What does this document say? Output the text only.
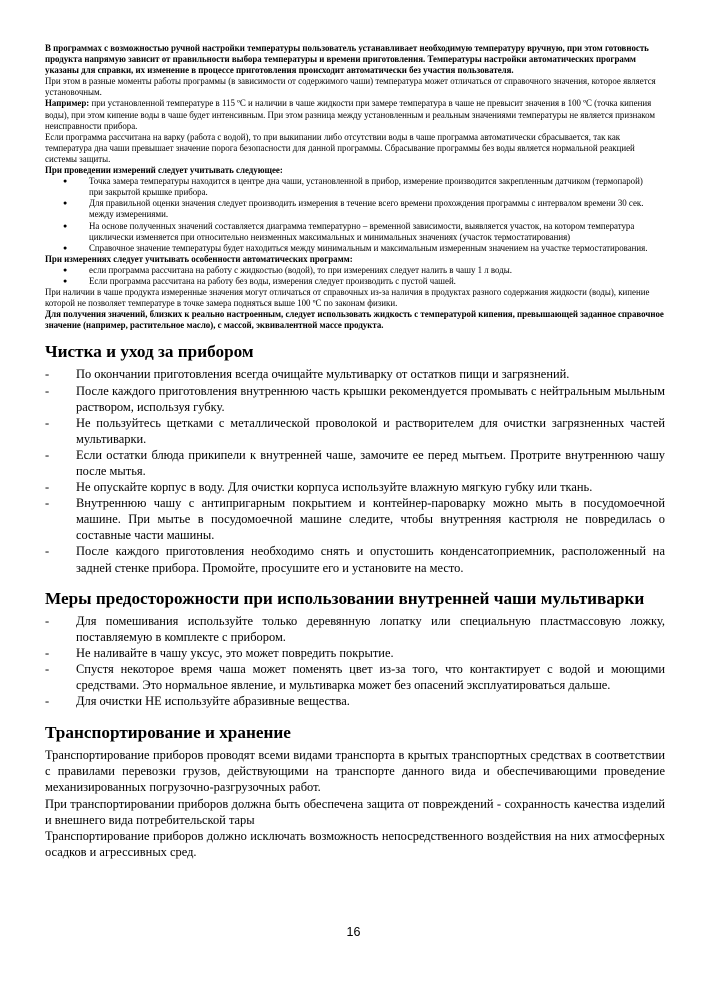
В программах с возможностью ручной настройки температуры пользователь устанавливает необходимую температуру вручную, при этом готовность продукта напрямую зависит от правильности выбора температуры и времени приготовления. Температуры настройки автоматических программ указаны для справки, их изменение в процессе приготовления происходит автоматически без участия пользователя.

При этом в разные моменты работы программы (в зависимости от содержимого чаши) температура может отличаться от справочного значения, которое является установочным.

Например: при установленной температуре в 115 ºС и наличии в чаше жидкости при замере температура в чаше не превысит значения в 100 ºС (точка кипения воды), при этом кипение воды в чаше будет интенсивным. При этом разница между установленным и реальным значениями температуры не является признаком неисправности прибора.

Если программа рассчитана на варку (работа с водой), то при выкипании либо отсутствии воды в чаше программа автоматически сбрасывается, так как температура дна чаши превышает значение порога безопасности для данной программы. Сбрасывание программы без воды является нормальной реакцией системы защиты.

При проведении измерений следует учитывать следующее:

● Точка замера температуры находится в центре дна чаши, установленной в прибор, измерение производится закрепленным датчиком (термопарой) при закрытой крышке прибора.
● Для правильной оценки значения следует производить измерения в течение всего времени прохождения программы с интервалом времени 30 сек. между измерениями.
● На основе полученных значений составляется диаграмма температурно – временной зависимости, выявляется участок, на котором температура циклически изменяется при относительно неизменных максимальных и минимальных значениях (участок термостатирования)
● Справочное значение температуры будет находиться между минимальным и максимальным измеренным значением на участке термостатирования.

При измерениях следует учитывать особенности автоматических программ:

● если программа рассчитана на работу с жидкостью (водой), то при измерениях следует налить в чашу 1 л воды.
● Если программа рассчитана на работу без воды, измерения следует производить с пустой чашей.

При наличии в чаше продукта измеренные значения могут отличаться от справочных из-за наличия в продуктах разного содержания жидкости (воды), кипение которой не позволяет температуре в точке замера подняться выше 100 ºС по законам физики.

Для получения значений, близких к реально настроенным, следует использовать жидкость с температурой кипения, превышающей заданное справочное значение (например, растительное масло), с массой, эквивалентной массе продукта.

Чистка и уход за прибором
- По окончании приготовления всегда очищайте мультиварку от остатков пищи и загрязнений.
- После каждого приготовления внутреннюю часть крышки рекомендуется промывать с нейтральным мыльным раствором, используя губку.
- Не пользуйтесь щетками с металлической проволокой и растворителем для очистки загрязненных частей мультиварки.
- Если остатки блюда прикипели к внутренней чаше, замочите ее перед мытьем. Протрите внутреннюю чашу после мытья.
- Не опускайте корпус в воду. Для очистки корпуса используйте влажную мягкую губку или ткань.
- Внутреннюю чашу с антипригарным покрытием и контейнер-пароварку можно мыть в посудомоечной машине. При мытье в посудомоечной машине следите, чтобы внутренняя кастрюля не повредилась о составные части машины.
- После каждого приготовления необходимо снять и опустошить конденсатоприемник, расположенный на задней стенке прибора. Промойте, просушите его и установите на место.
Меры предосторожности при использовании внутренней чаши мультиварки
- Для помешивания используйте только деревянную лопатку или специальную пластмассовую ложку, поставляемую в комплекте с прибором.
- Не наливайте в чашу уксус, это может повредить покрытие.
- Спустя некоторое время чаша может поменять цвет из-за того, что контактирует с водой и моющими средствами. Это нормальное явление, и мультиварка может без опасений эксплуатироваться дальше.
- Для очистки НЕ используйте абразивные вещества.
Транспортирование и хранение

Транспортирование приборов проводят всеми видами транспорта в крытых транспортных средствах в соответствии с правилами перевозки грузов, действующими на транспорте данного вида и обеспечивающими проведение механизированных погрузочно-разгрузочных работ.

При транспортировании приборов должна быть обеспечена защита от повреждений - сохранность качества изделий и внешнего вида потребительской тары

Транспортирование приборов должно исключать возможность непосредственного воздействия на них атмосферных осадков и агрессивных сред.

16
